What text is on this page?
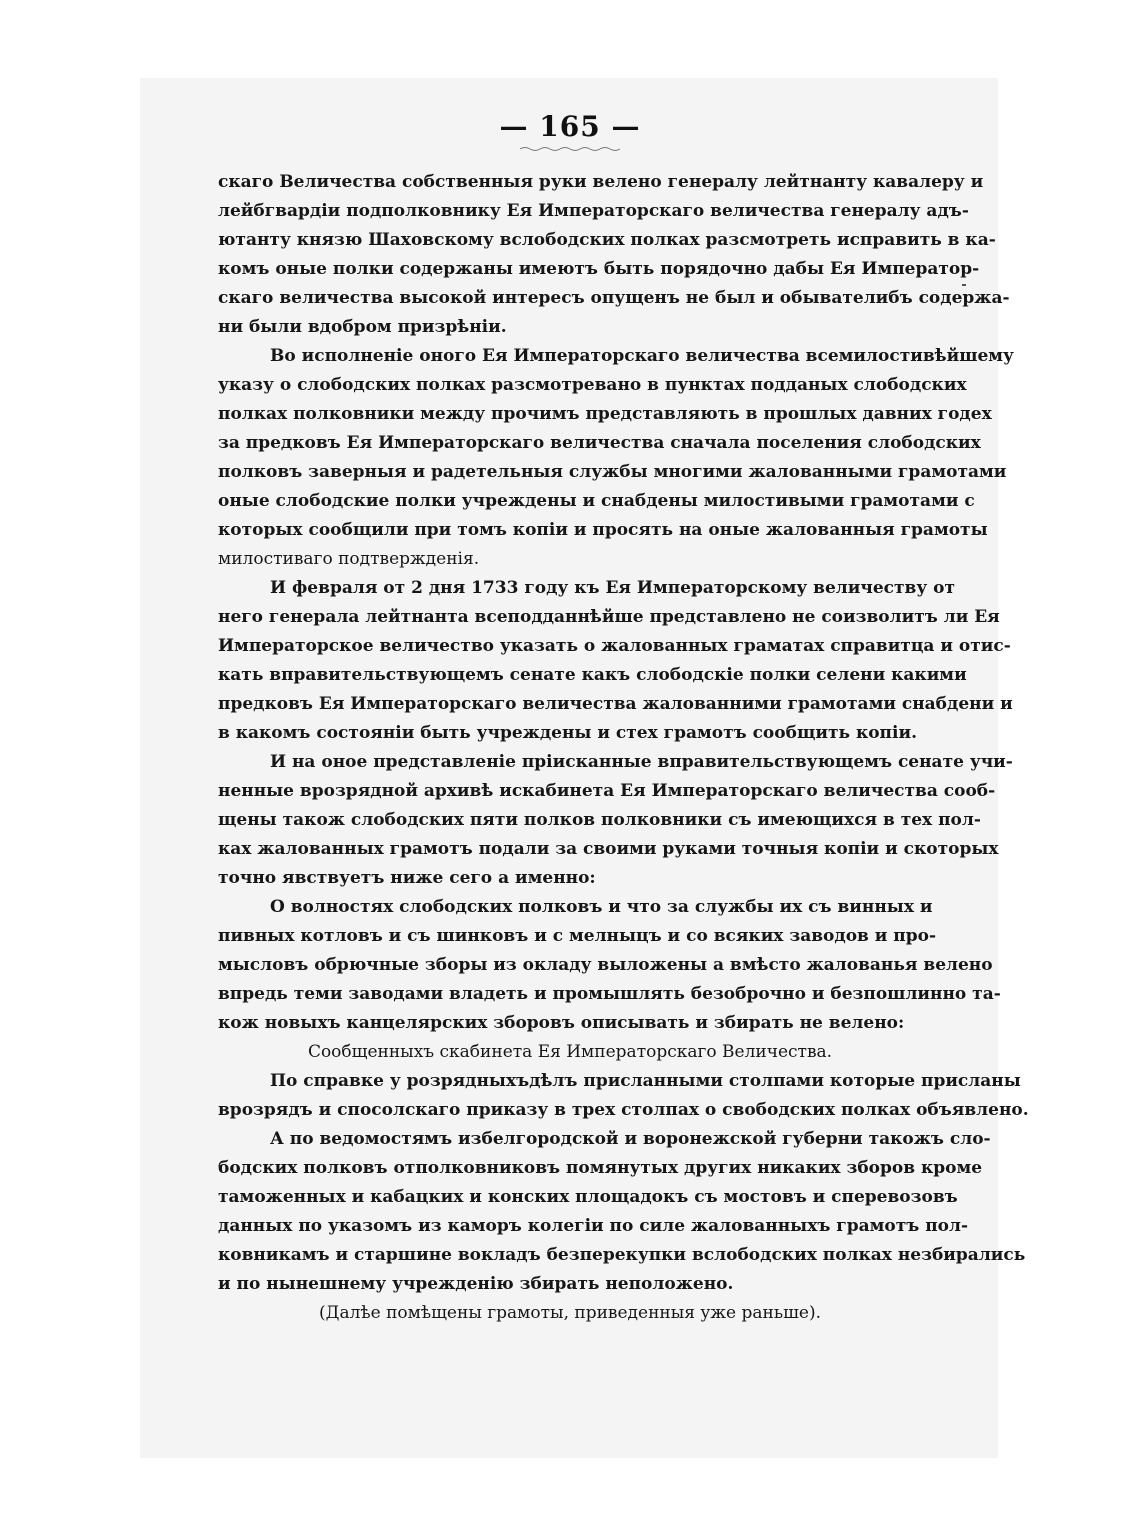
— 165 —
скаго Величества собственныя руки велено генералу лейтнанту кавалеру и
лейбгвардіи подполковнику Ея Императорскаго величества генералу адъ-
ютанту князю Шаховскому вслободских полках разсмотреть исправить в ка-
комъ оные полки содержаны имеютъ быть порядочно дабы Ея Император-
скаго величества высокой интересъ опущенъ не был и обывателибъ содержа-
ни были вдобром призрѣніи.
Во исполненіе оного Ея Императорскаго величества всемилостивѣйшему
указу о слободских полках разсмотревано в пунктах подданых слободских
полках полковники между прочимъ представляють в прошлых давних годех
за предковъ Ея Императорскаго величества сначала поселения слободских
полковъ заверныя и радетельныя службы многими жалованными грамотами
оные слободские полки учреждены и снабдены милостивыми грамотами с
которых сообщили при томъ копіи и просять на оные жалованныя грамоты
милостиваго подтвержденія.
И февраля от 2 дня 1733 году къ Ея Императорскому величеству от
него генерала лейтнанта всеподданнѣйше представлено не соизволитъ ли Ея
Императорское величество указать о жалованных граматах справитца и отис-
кать вправительствующемъ сенате какъ слободскіе полки селени какими
предковъ Ея Императорскаго величества жалованними грамотами снабдени и
в какомъ состояніи быть учреждены и стех грамотъ сообщить копіи.
И на оное представленіе пріисканные вправительствующемъ сенате учи-
ненные врозрядной архивѣ искабинета Ея Императорскаго величества сооб-
щены також слободских пяти полков полковники съ имеющихся в тех пол-
ках жалованных грамотъ подали за своими руками точныя копіи и скоторых
точно явствуетъ ниже сего а именно:
О волностях слободских полковъ и что за службы их съ винных и
пивных котловъ и съ шинковъ и с мелныцъ и со всяких заводов и про-
мысловъ обрючные зборы из окладу выложены а вмѣсто жалованья велено
впредь теми заводами владеть и промышлять безоброчно и безпошлинно та-
кож новыхъ канцелярских зборовъ описывать и збирать не велено:
Сообщенныхъ скабинета Ея Императорскаго Величества.
По справке у розрядныхъдѣлъ присланными столпами которые присланы
врозрядъ и спосолскаго приказу в трех столпах о свободских полках объявлено.
А по ведомостямъ избелгородской и воронежской губерни такожъ сло-
бодских полковъ отполковниковъ помянутых других никаких зборов кроме
таможенных и кабацких и конских площадокъ съ мостовъ и сперевозовъ
данных по указомъ из каморъ колегіи по силе жалованныхъ грамотъ пол-
ковникамъ и старшине вокладъ безперекупки вслободских полках незбирались
и по нынешнему учрежденію збирать неположено.
(Далѣе помѣщены грамоты, приведенныя уже раньше).
